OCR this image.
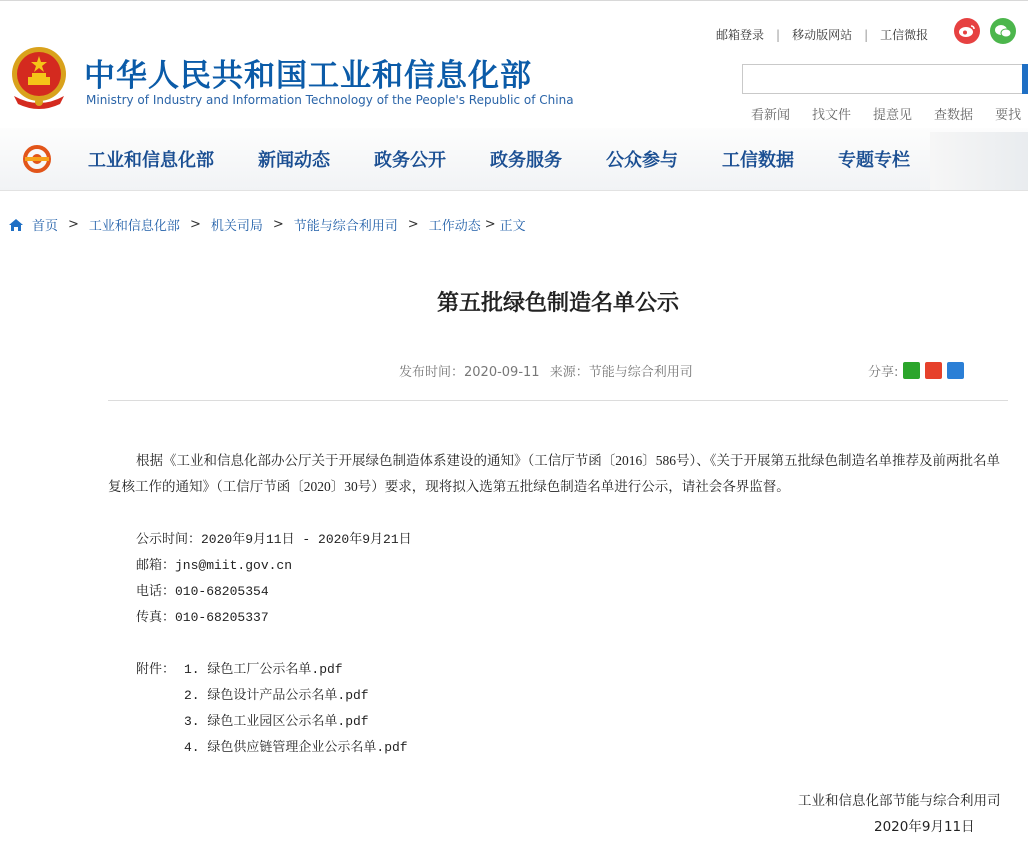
中华人民共和国工业和信息化部
Ministry of Industry and Information Technology of the People's Republic of China
邮箱登录 | 移动版网站 | 工信微报
看新闻 找文件 提意见 查数据 要找
工业和信息化部 新闻动态 政务公开 政务服务 公众参与 工信数据 专题专栏
首页 > 工业和信息化部 > 机关司局 > 节能与综合利用司 > 工作动态 > 正文
第五批绿色制造名单公示
发布时间：2020-09-11 来源：节能与综合利用司	分享:
根据《工业和信息化部办公厅关于开展绿色制造体系建设的通知》（工信厅节函〔2016〕586号）、《关于开展第五批绿色制造名单推荐及前两批名单复核工作的通知》（工信厅节函〔2020〕30号）要求，现将拟入选第五批绿色制造名单进行公示，请社会各界监督。
公示时间：2020年9月11日 - 2020年9月21日
邮箱：jns@miit.gov.cn
电话：010-68205354
传真：010-68205337
附件： 1. 绿色工厂公示名单.pdf
2. 绿色设计产品公示名单.pdf
3. 绿色工业园区公示名单.pdf
4. 绿色供应链管理企业公示名单.pdf
工业和信息化部节能与综合利用司
2020年9月11日
